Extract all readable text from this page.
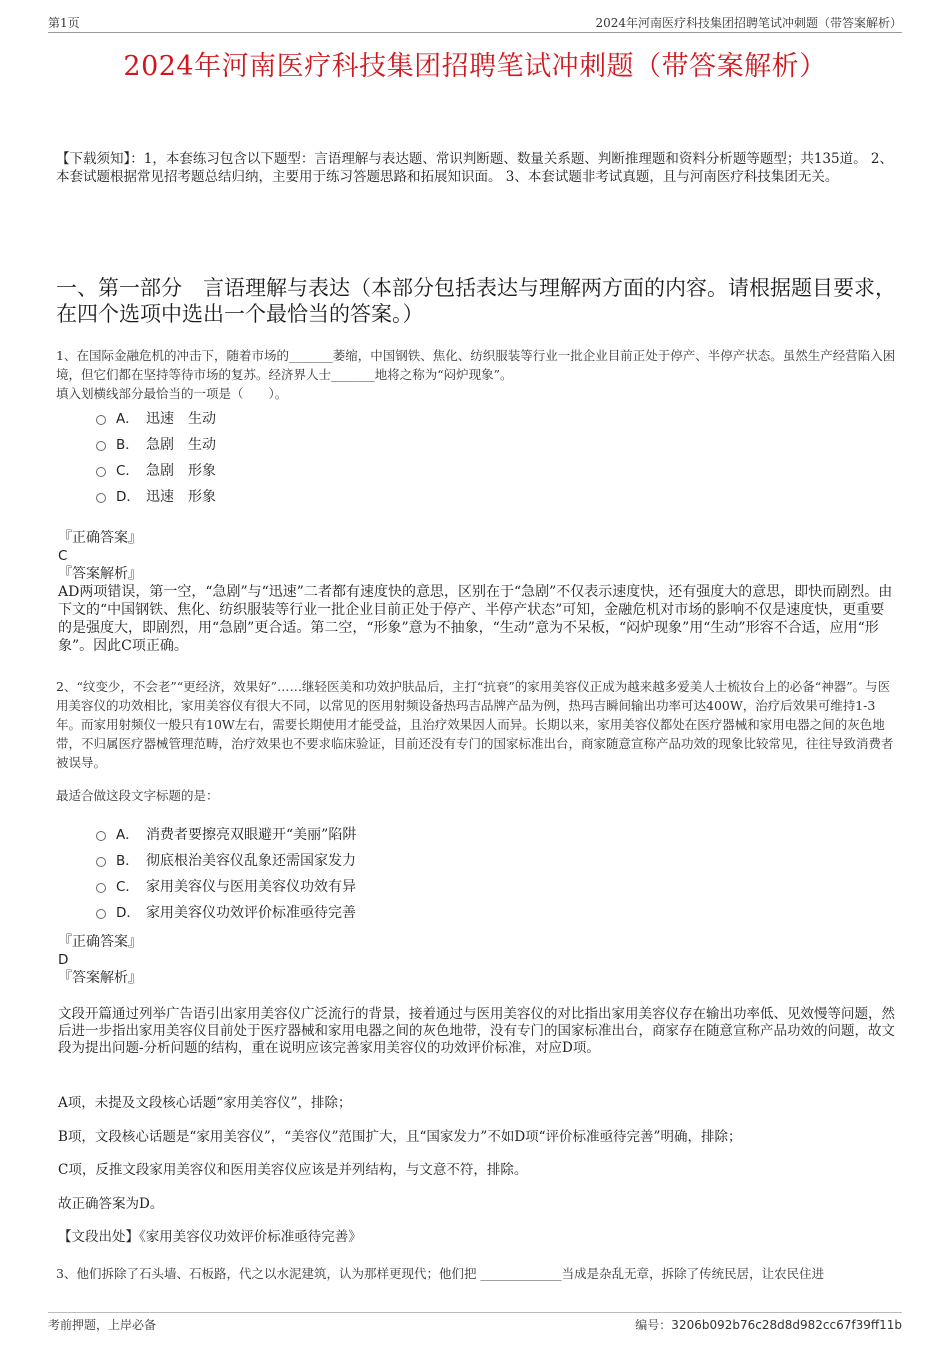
第1页	2024年河南医疗科技集团招聘笔试冲刺题（带答案解析）
2024年河南医疗科技集团招聘笔试冲刺题（带答案解析）
【下载须知】：1，本套练习包含以下题型：言语理解与表达题、常识判断题、数量关系题、判断推理题和资料分析题等题型；共135道。 2、本套试题根据常见招考题总结归纳，主要用于练习答题思路和拓展知识面。 3、本套试题非考试真题，且与河南医疗科技集团无关。
一、第一部分　言语理解与表达（本部分包括表达与理解两方面的内容。请根据题目要求，在四个选项中选出一个最恰当的答案。）
1、在国际金融危机的冲击下，随着市场的_______萎缩，中国钢铁、焦化、纺织服装等行业一批企业目前正处于停产、半停产状态。虽然生产经营陷入困境，但它们都在坚持等待市场的复苏。经济界人士_______地将之称为“闷炉现象”。
填入划横线部分最恰当的一项是（　　）。
A． 迅速　生动
B． 急剧　生动
C． 急剧　形象
D． 迅速　形象
『正确答案』
C
『答案解析』
AD两项错误，第一空，“急剧”与“迅速”二者都有速度快的意思，区别在于“急剧”不仅表示速度快，还有强度大的意思，即快而剧烈。由下文的“中国钢铁、焦化、纺织服装等行业一批企业目前正处于停产、半停产状态”可知，金融危机对市场的影响不仅是速度快，更重要的是强度大，即剧烈，用“急剧”更合适。第二空，“形象”意为不抽象，“生动”意为不呆板，“闷炉现象”用“生动”形容不合适，应用“形象”。因此C项正确。
2、“纹变少，不会老”“更经济，效果好”……继轻医美和功效护肤品后，主打“抗衰”的家用美容仪正成为越来越多爱美人士梳妆台上的必备“神器”。与医用美容仪的功效相比，家用美容仪有很大不同，以常见的医用射频设备热玛吉品牌产品为例，热玛吉瞬间输出功率可达400W，治疗后效果可维持1-3年。而家用射频仪一般只有10W左右，需要长期使用才能受益，且治疗效果因人而异。长期以来，家用美容仪都处在医疗器械和家用电器之间的灰色地带，不归属医疗器械管理范畴，治疗效果也不要求临床验证，目前还没有专门的国家标准出台，商家随意宣称产品功效的现象比较常见，往往导致消费者被误导。
最适合做这段文字标题的是：
A． 消费者要擦亮双眼避开“美丽”陷阱
B． 彻底根治美容仪乱象还需国家发力
C． 家用美容仪与医用美容仪功效有异
D． 家用美容仪功效评价标准亟待完善
『正确答案』
D
『答案解析』
文段开篇通过列举广告语引出家用美容仪广泛流行的背景，接着通过与医用美容仪的对比指出家用美容仪存在输出功率低、见效慢等问题，然后进一步指出家用美容仪目前处于医疗器械和家用电器之间的灰色地带，没有专门的国家标准出台，商家存在随意宣称产品功效的问题，故文段为提出问题-分析问题的结构，重在说明应该完善家用美容仪的功效评价标准，对应D项。
A项，未提及文段核心话题“家用美容仪”，排除；
B项，文段核心话题是“家用美容仪”，“美容仪”范围扩大，且“国家发力”不如D项“评价标准亟待完善”明确，排除；
C项，反推文段家用美容仪和医用美容仪应该是并列结构，与文意不符，排除。
故正确答案为D。
【文段出处】《家用美容仪功效评价标准亟待完善》
3、他们拆除了石头墙、石板路，代之以水泥建筑，认为那样更现代；他们把 _____________当成是杂乱无章，拆除了传统民居，让农民住进
考前押题，上岸必备	编号：3206b092b76c28d8d982cc67f39ff11b
